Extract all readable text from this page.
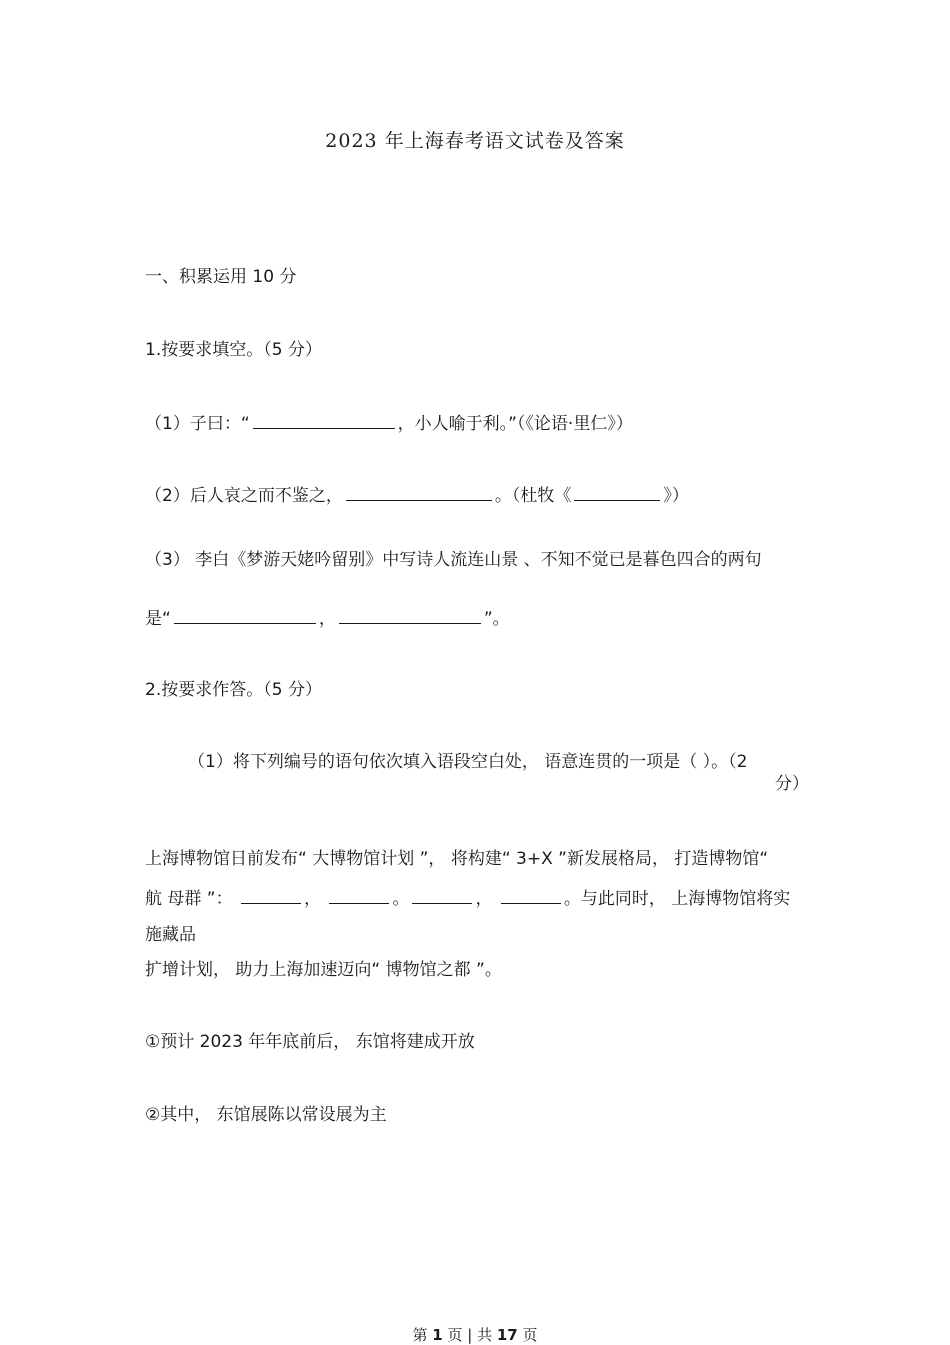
2023 年上海春考语文试卷及答案
一、积累运用 10 分
1.按要求填空。（5 分）
（1）子曰：“	，小人喻于利。”（《论语·里仁》）
（2）后人哀之而不鉴之，	。（杜牧《	》）
（3） 李白《梦游天姥吟留别》中写诗人流连山景 、不知不觉已是暮色四合的两句
是“	，	”。
2.按要求作答。（5 分）
（1）将下列编号的语句依次填入语段空白处， 语意连贯的一项是（ ）。（2
分）
上海博物馆日前发布“ 大博物馆计划 ”， 将构建“ 3+X ”新发展格局， 打造博物馆“
航 母群 ”：	，	。	，	。与此同时， 上海博物馆将实
施藏品
扩增计划， 助力上海加速迈向“ 博物馆之都 ”。
①预计 2023 年年底前后， 东馆将建成开放
②其中， 东馆展陈以常设展为主
第 1 页 | 共 17 页
